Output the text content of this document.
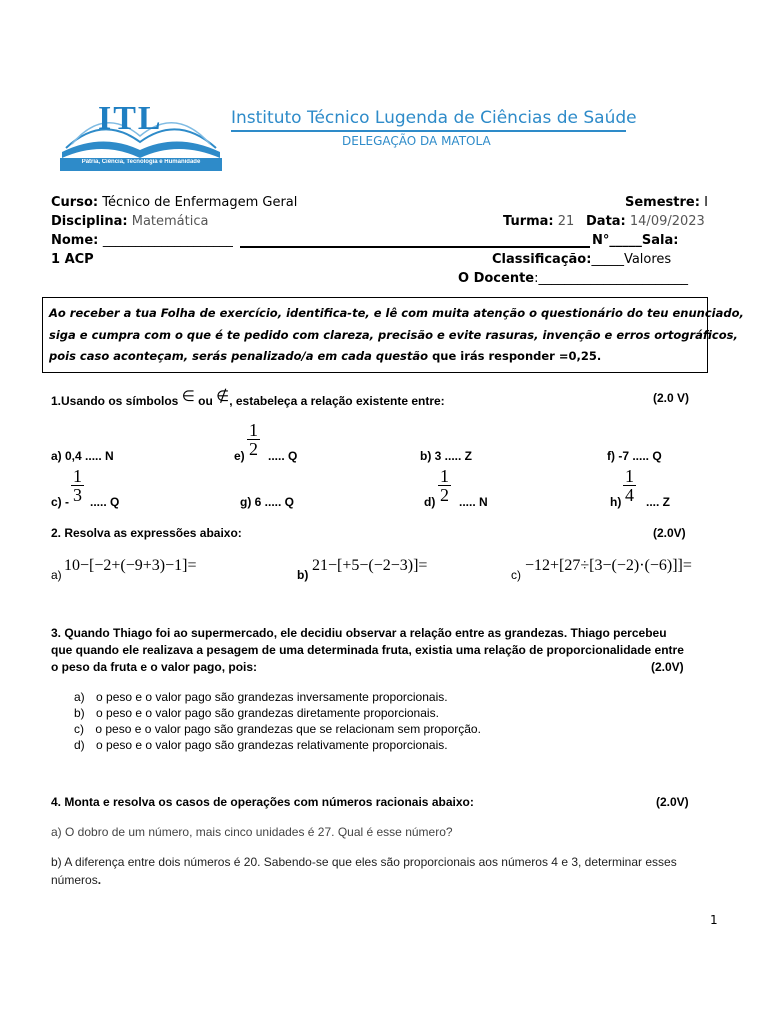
ITL
Pátria, Ciência, Tecnologia e Humanidade
Instituto Técnico Lugenda de Ciências de Saúde
DELEGAÇÃO DA MATOLA
Curso: Técnico de Enfermagem Geral	Semestre: I
Disciplina: Matemática	Turma: 21 Data: 14/09/2023
Nome: ____________________	N°_____Sala:
1 ACP	Classificação:_____Valores
O Docente:_______________________
Ao receber a tua Folha de exercício, identifica-te, e lê com muita atenção o questionário do teu enunciado,
siga e cumpra com o que é te pedido com clareza, precisão e evite rasuras, invenção e erros ortográficos,
pois caso aconteçam, serás penalizado/a em cada questão que irás responder =0,25.
1.Usando os símbolos ∈ ou ∉, estabeleça a relação existente entre:	(2.0 V)
a) 0,4 ..... N	$e) \frac{1}{2}$ ..... Q	b) 3 ..... Z	f) -7 ..... Q
$c) - \frac{1}{3}$ ..... Q	g) 6 ..... Q	$d) \frac{1}{2}$ ..... N	$h) \frac{1}{4}$ .... Z
2. Resolva as expressões abaixo:	(2.0V)
a)
10−[−2+(−9+3)−1]=
b)
21−[+5−(−2−3)]=
c)
−12+[27÷[3−(−2)·(−6)]]=
3. Quando Thiago foi ao supermercado, ele decidiu observar a relação entre as grandezas. Thiago percebeu
que quando ele realizava a pesagem de uma determinada fruta, existia uma relação de proporcionalidade entre
o peso da fruta e o valor pago, pois:	(2.0V)
a) o peso e o valor pago são grandezas inversamente proporcionais.
b) o peso e o valor pago são grandezas diretamente proporcionais.
c) o peso e o valor pago são grandezas que se relacionam sem proporção.
d) o peso e o valor pago são grandezas relativamente proporcionais.
4. Monta e resolva os casos de operações com números racionais abaixo:	(2.0V)
a) O dobro de um número, mais cinco unidades é 27. Qual é esse número?
b) A diferença entre dois números é 20. Sabendo-se que eles são proporcionais aos números 4 e 3, determinar esses
números.
1
